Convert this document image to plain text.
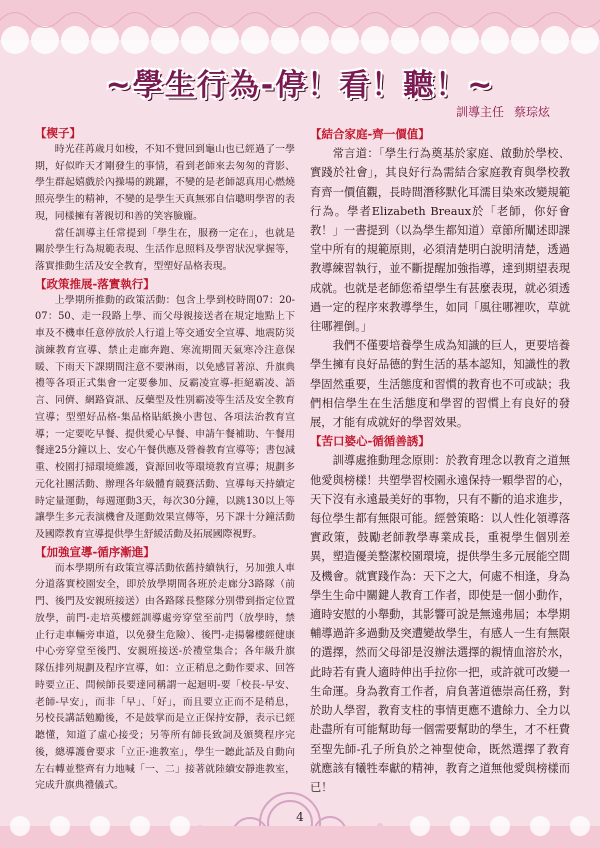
~學生行為-停！看！聽！~
訓導主任 蔡琮炫
【楔子】

時光荏苒歲月如梭，不知不覺回到龜山也已經過了一學期，好似昨天才剛發生的事情，看到老師來去匆匆的背影、學生群起嬉戲於內操場的跳躍，不變的是老師認真用心燃燒照亮學生的精神，不變的是學生天真無邪自信聰明學習的表現，同樣擁有著親切和善的笑容臉龐。

當任訓導主任常提到「學生在，服務一定在」，也就是關於學生行為規範表現、生活作息照料及學習狀況掌握等，落實推動生活及安全教育，型塑好品格表現。

【政策推展-落實執行】

上學期所推動的政策活動：包含上學到校時間07：20-07：50、走一段路上學、而父母親接送者在規定地點上下車及不機車任意停放於人行道上等交通安全宣導、地震防災演練教育宣導、禁止走廊奔跑、寒流期間天氣寒冷注意保暖、下雨天下課期間注意不要淋雨，以免感冒著涼、升旗典禮等各項正式集會一定要參加、反霸凌宣導-拒絕霸凌、語言、同儕、網路資訊、反藥型及性別霸凌等生活及安全教育宣導；型塑好品格-集品格貼紙換小書包、各項法治教育宣導；一定要吃早餐、提供愛心早餐、申請午餐補助、午餐用餐達25分鐘以上、安心午餐供應及營養教育宣導等；書包減重、校園打掃環境維護，資源回收等環境教育宣導；規劃多元化社團活動、辦理各年級體育競賽活動、宣導每天持續定時定量運動，每週運動3天，每次30分鐘，以跳130以上等讓學生多元表演機會及運動效果宣傳等，另下課十分鐘活動及國際教育宣導提供學生舒緩活動及拓展國際視野。

【加強宣導-循序漸進】

而本學期所有政策宣導活動依舊持續執行，另加強人車分道落實校園安全，即於放學期間各班於走廊分3路隊（前門、後門及安親班接送）由各路隊長整隊分別帶到指定位置放學，前門-走培英樓經訓導處旁穿堂至前門（放學時，禁止行走車輛旁車道，以免發生危險）、後門-走揚馨樓經健康中心旁穿堂至後門、安親班接送-於禮堂集合；各年級升旗隊伍排列規劃及程序宣導，如：立正稍息之動作要求、回答時要立正、問候師長要達同稱謂一起迴明-要「校長-早安、老師-早安」，而非「早」、「好」，而且要立正而不是稍息，另校長講話勉勵後，不是鼓掌而是立正保持安靜，表示已經聽懂，知道了虛心接受；另等所有師長致詞及頒獎程序完後，總導護會要求「立正-進教室」，學生一聽此話及自動向左右轉並整齊有力地喊「一、二」接著就陸續安靜進教室，完成升旗典禮儀式。

【結合家庭-齊一價值】

常言道：「學生行為奠基於家庭、啟動於學校、實踐於社會」，其良好行為需結合家庭教育與學校教育齊一價值觀，長時間潛移默化耳濡目染來改變規範行為。學者Elizabeth Breaux於「老師，你好會教！」一書提到（以為學生都知道）章節所闡述即課堂中所有的規範原則，必須清楚明白說明清楚，透過教導練習執行，並不斷提醒加強指導，達到期望表現成就。也就是老師您希望學生有甚麼表現，就必須透過一定的程序來教導學生，如同「風往哪裡吹，草就往哪裡倒。」

我們不僅要培養學生成為知識的巨人，更要培養學生擁有良好品德的對生活的基本認知，知識性的教學固然重要，生活態度和習慣的教育也不可或缺；我們相信學生在生活態度和學習的習慣上有良好的發展，才能有成就好的學習效果。

【苦口婆心-循循善誘】

訓導處推動理念原則：於教育理念以教育之道無他愛與榜樣！共塑學習校園永遠保持一顆學習的心，天下沒有永遠最美好的事物，只有不斷的追求進步，每位學生都有無限可能。經營策略：以人性化領導落實政策，鼓勵老師教學專業成長，重視學生個別差異，塑造優美整潔校園環境，提供學生多元展能空間及機會。就實踐作為：天下之大，何處不相逢，身為學生生命中關鍵人教育工作者，即使是一個小動作，適時安慰的小舉動，其影響可說是無遠弗屆；本學期輔導過許多過動及突遭變故學生，有感人一生有無限的選擇，然而父母卻是沒辦法選擇的親情血溶於水，此時若有貴人適時伸出手拉你一把，或許就可改變一生命運。身為教育工作者，肩負著道德崇高任務，對於助人學習，教育支柱的事情更應不遺餘力、全力以赴盡所有可能幫助每一個需要幫助的學生，才不枉費至聖先師-孔子所負於之神聖使命，既然選擇了教育就應該有犧牲奉獻的精神，教育之道無他愛與榜樣而已！

4
